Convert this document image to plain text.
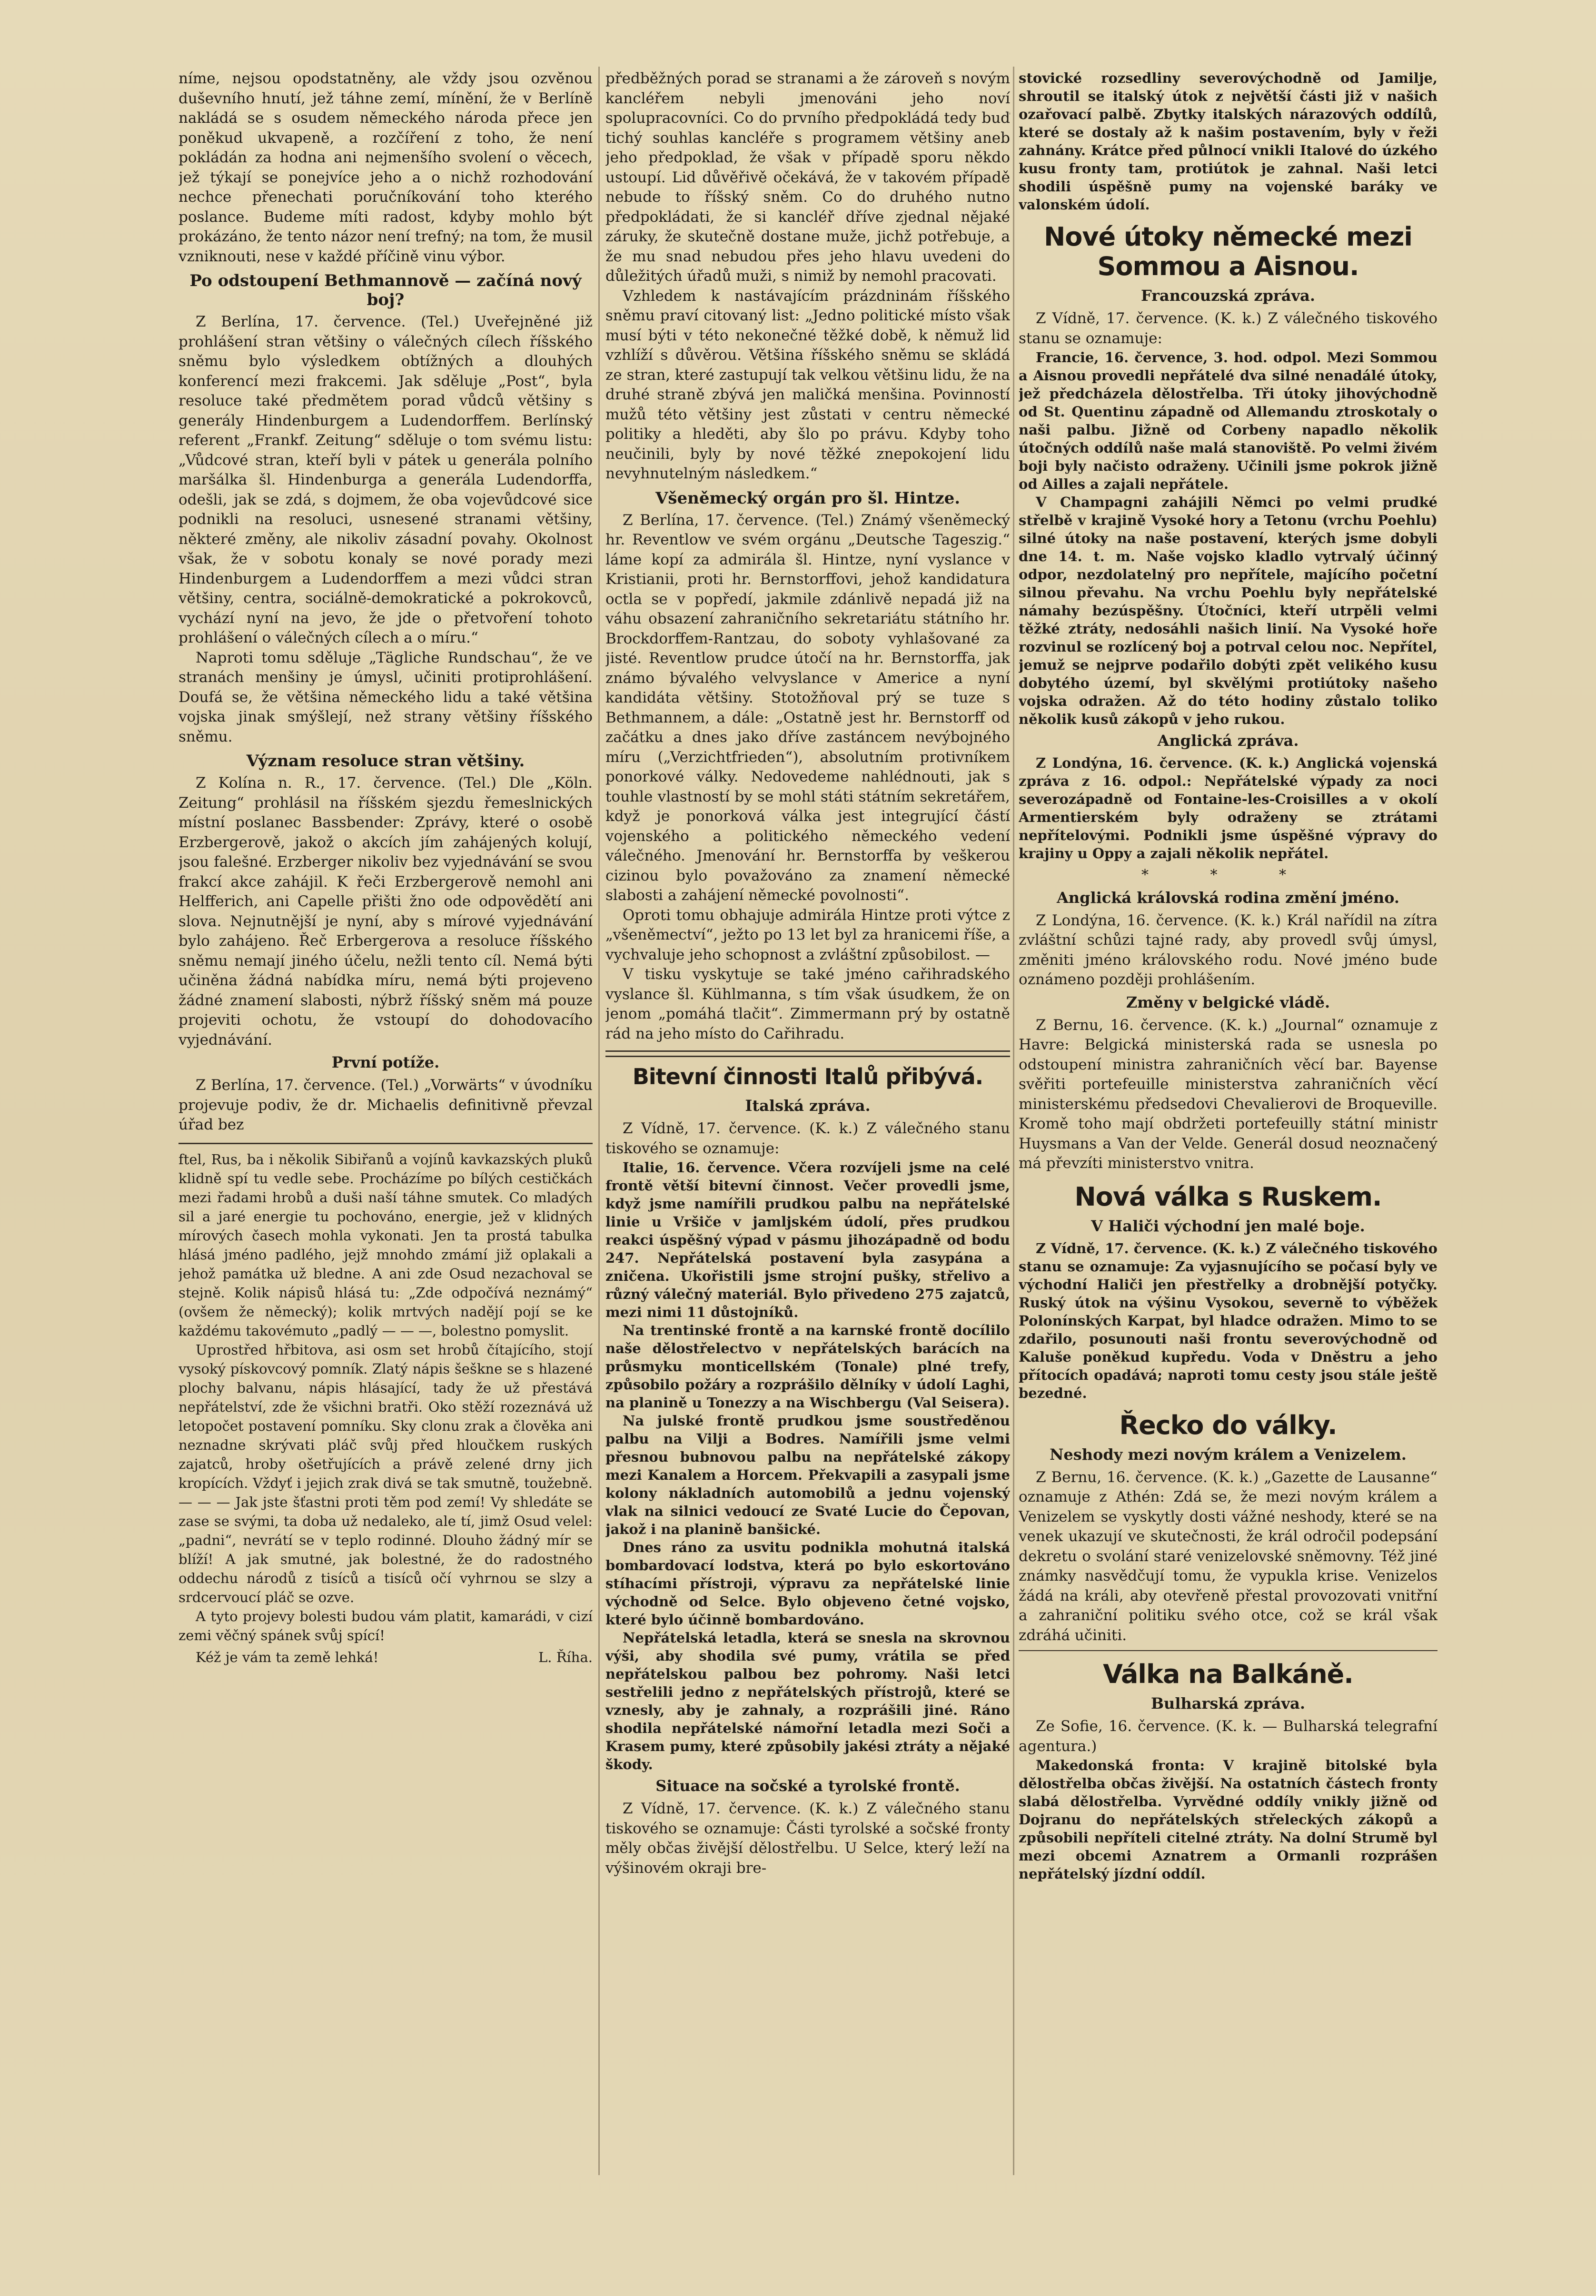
níme, nejsou opodstatněny, ale vždy jsou ozvěnou duševního hnutí, jež táhne zemí, mínění, že v Berlíně nakládá se s osudem německého národa přece jen poněkud ukvapeně, a rozčíření z toho, že není pokládán za hodna ani nejmenšího svolení o věcech, jež týkají se ponejvíce jeho a o nichž rozhodování nechce přenechati poručníkování toho kterého poslance. Budeme míti radost, kdyby mohlo být prokázáno, že tento názor není trefný; na tom, že musil vzniknouti, nese v každé příčině vinu výbor.

Po odstoupení Bethmannově — začíná nový boj?

Z Berlína, 17. července. (Tel.) Uveřejněné již prohlášení stran většiny o válečných cílech říšského sněmu bylo výsledkem obtížných a dlouhých konferencí mezi frakcemi. Jak sděluje „Post“, byla resoluce také předmětem porad vůdců většiny s generály Hindenburgem a Ludendorffem. Berlínský referent „Frankf. Zeitung“ sděluje o tom svému listu: „Vůdcové stran, kteří byli v pátek u generála polního maršálka šl. Hindenburga a generála Ludendorffa, odešli, jak se zdá, s dojmem, že oba vojevůdcové sice podnikli na resoluci, usnesené stranami většiny, některé změny, ale nikoliv zásadní povahy. Okolnost však, že v sobotu konaly se nové porady mezi Hindenburgem a Ludendorffem a mezi vůdci stran většiny, centra, sociálně-demokratické a pokrokovců, vychází nyní na jevo, že jde o přetvoření tohoto prohlášení o válečných cílech a o míru.“

Naproti tomu sděluje „Tägliche Rundschau“, že ve stranách menšiny je úmysl, učiniti protiprohlášení. Doufá se, že většina německého lidu a také většina vojska jinak smýšlejí, než strany většiny říšského sněmu.

Význam resoluce stran většiny.

Z Kolína n. R., 17. července. (Tel.) Dle „Köln. Zeitung“ prohlásil na říšském sjezdu řemeslnických místní poslanec Bassbender: Zprávy, které o osobě Erzbergerově, jakož o akcích jím zahájených kolují, jsou falešné. Erzberger nikoliv bez vyjednávání se svou frakcí akce zahájil. K řeči Erzbergerově nemohl ani Helfferich, ani Capelle přišti žno ode odpovědětí ani slova. Nejnutnější je nyní, aby s mírové vyjednávání bylo zahájeno. Řeč Erbergerova a resoluce říšského sněmu nemají jiného účelu, nežli tento cíl. Nemá býti učiněna žádná nabídka míru, nemá býti projeveno žádné znamení slabosti, nýbrž říšský sněm má pouze projeviti ochotu, že vstoupí do dohodovacího vyjednávání.

První potíže.

Z Berlína, 17. července. (Tel.) „Vorwärts“ v úvodníku projevuje podiv, že dr. Michaelis definitivně převzal úřad bez

ftel, Rus, ba i několik Sibiřanů a vojínů kavkazských pluků klidně spí tu vedle sebe. Procházíme po bílých cestičkách mezi řadami hrobů a duši naší táhne smutek. Co mladých sil a jaré energie tu pochováno, energie, jež v klidných mírových časech mohla vykonati. Jen ta prostá tabulka hlásá jméno padlého, jejž mnohdo zmámí již oplakali a jehož památka už bledne. A ani zde Osud nezachoval se stejně. Kolik nápisů hlásá tu: „Zde odpočívá neznámý“ (ovšem že německý); kolik mrtvých nadějí pojí se ke každému takovémuto „padlý — — —, bolestno pomyslit.

Uprostřed hřbitova, asi osm set hrobů čítajícího, stojí vysoký pískovcový pomník. Zlatý nápis šeškne se s hlazené plochy balvanu, nápis hlásající, tady že už přestává nepřátelství, zde že všichni bratři. Oko stěží rozeznává už letopočet postavení pomníku. Sky clonu zrak a člověka ani neznadne skrývati pláč svůj před hloučkem ruských zajatců, hroby ošetřujících a právě zelené drny jich kropících. Vždyť i jejich zrak divá se tak smutně, toužebně. — — — Jak jste šťastni proti těm pod zemí! Vy shledáte se zase se svými, ta doba už nedaleko, ale tí, jimž Osud velel: „padni“, nevrátí se v teplo rodinné. Dlouho žádný mír se blíží! A jak smutné, jak bolestné, že do radostného oddechu národů z tisíců a tisíců očí vyhrnou se slzy a srdcervoucí pláč se ozve.

A tyto projevy bolesti budou vám platit, kamarádi, v cizí zemi věčný spánek svůj spící!

Kéž je vám ta země lehká!	L. Říha.

předběžných porad se stranami a že zároveň s novým kancléřem nebyli jmenováni jeho noví spolupracovníci. Co do prvního předpokládá tedy buď tichý souhlas kancléře s programem většiny aneb jeho předpoklad, že však v případě sporu někdo ustoupí. Lid důvěřivě očekává, že v takovém případě nebude to říšský sněm. Co do druhého nutno předpokládati, že si kancléř dříve zjednal nějaké záruky, že skutečně dostane muže, jichž potřebuje, a že mu snad nebudou přes jeho hlavu uvedeni do důležitých úřadů muži, s nimiž by nemohl pracovati.

Vzhledem k nastávajícím prázdninám říšského sněmu praví citovaný list: „Jedno politické místo však musí býti v této nekonečné těžké době, k němuž lid vzhlíží s důvěrou. Většina říšského sněmu se skládá ze stran, které zastupují tak velkou většinu lidu, že na druhé straně zbývá jen maličká menšina. Povinností mužů této většiny jest zůstati v centru německé politiky a hleděti, aby šlo po právu. Kdyby toho neučinili, byly by nové těžké znepokojení lidu nevyhnutelným následkem.“

Všeněmecký orgán pro šl. Hintze.

Z Berlína, 17. července. (Tel.) Známý všeněmecký hr. Reventlow ve svém orgánu „Deutsche Tageszig.“ láme kopí za admirála šl. Hintze, nyní vyslance v Kristianii, proti hr. Bernstorffovi, jehož kandidatura octla se v popředí, jakmile zdánlivě nepadá již na váhu obsazení zahraničního sekretariátu státního hr. Brockdorffem-Rantzau, do soboty vyhlašované za jisté. Reventlow prudce útočí na hr. Bernstorffa, jak známo bývalého velvyslance v Americe a nyní kandidáta většiny. Stotožňoval prý se tuze s Bethmannem, a dále: „Ostatně jest hr. Bernstorff od začátku a dnes jako dříve zastáncem nevýbojného míru („Verzichtfrieden“), absolutním protivníkem ponorkové války. Nedovedeme nahlédnouti, jak s touhle vlastností by se mohl státi státním sekretářem, když je ponorková válka jest integrující částí vojenského a politického německého vedení válečného. Jmenování hr. Bernstorffa by veškerou cizinou bylo považováno za znamení německé slabosti a zahájení německé povolnosti“.

Oproti tomu obhajuje admirála Hintze proti výtce z „všeněmectví“, ježto po 13 let byl za hranicemi říše, a vychvaluje jeho schopnost a zvláštní způsobilost. —

V tisku vyskytuje se také jméno cařihradského vyslance šl. Kühlmanna, s tím však úsudkem, že on jenom „pomáhá tlačit“. Zimmermann prý by ostatně rád na jeho místo do Cařihradu.

Bitevní činnosti Italů přibývá.
Italská zpráva.

Z Vídně, 17. července. (K. k.) Z válečného stanu tiskového se oznamuje:

Italie, 16. července. Včera rozvíjeli jsme na celé frontě větší bitevní činnost. Večer provedli jsme, když jsme namířili prudkou palbu na nepřátelské linie u Vršiče v jamljském údolí, přes prudkou reakci úspěšný výpad v pásmu jihozápadně od bodu 247. Nepřátelská postavení byla zasypána a zničena. Ukořistili jsme strojní pušky, střelivo a různý válečný materiál. Bylo přivedeno 275 zajatců, mezi nimi 11 důstojníků.

Na trentinské frontě a na karnské frontě docílilo naše dělostřelectvo v nepřátelských barácích na průsmyku monticellském (Tonale) plné trefy, způsobilo požáry a rozprášilo dělníky v údolí Laghi, na planině u Tonezzy a na Wischbergu (Val Seisera).

Na julské frontě prudkou jsme soustředěnou palbu na Vilji a Bodres. Namířili jsme velmi přesnou bubnovou palbu na nepřátelské zákopy mezi Kanalem a Horcem. Překvapili a zasypali jsme kolony nákladních automobilů a jednu vojenský vlak na silnici vedoucí ze Svaté Lucie do Čepovan, jakož i na planině banšické.

Dnes ráno za usvitu podnikla mohutná italská bombardovací lodstva, která po bylo eskortováno stíhacími přístroji, výpravu za nepřátelské linie východně od Selce. Bylo objeveno četné vojsko, které bylo účinně bombardováno.

Nepřátelská letadla, která se snesla na skrovnou výši, aby shodila své pumy, vrátila se před nepřátelskou palbou bez pohromy. Naši letci sestřelili jedno z nepřátelských přístrojů, které se vznesly, aby je zahnaly, a rozprášili jiné. Ráno shodila nepřátelské námořní letadla mezi Soči a Krasem pumy, které způsobily jakési ztráty a nějaké škody.

Situace na sočské a tyrolské frontě.

Z Vídně, 17. července. (K. k.) Z válečného stanu tiskového se oznamuje: Části tyrolské a sočské fronty měly občas živější dělostřelbu. U Selce, který leží na výšinovém okraji bre-

stovické rozsedliny severovýchodně od Jamilje, shroutil se italský útok z největší části již v našich ozařovací palbě. Zbytky italských nárazových oddílů, které se dostaly až k našim postavením, byly v řeži zahnány. Krátce před půlnocí vnikli Italové do úzkého kusu fronty tam, protiútok je zahnal. Naši letci shodili úspěšně pumy na vojenské baráky ve valonském údolí.

Nové útoky německé mezi Sommou a Aisnou.
Francouzská zpráva.

Z Vídně, 17. července. (K. k.) Z válečného tiskového stanu se oznamuje:

Francie, 16. července, 3. hod. odpol. Mezi Sommou a Aisnou provedli nepřátelé dva silné nenadálé útoky, jež předcházela dělostřelba. Tři útoky jihovýchodně od St. Quentinu západně od Allemandu ztroskotaly o naši palbu. Jižně od Corbeny napadlo několik útočných oddílů naše malá stanoviště. Po velmi živém boji byly načisto odraženy. Učinili jsme pokrok jižně od Ailles a zajali nepřátele.

V Champagni zahájili Němci po velmi prudké střelbě v krajině Vysoké hory a Tetonu (vrchu Poehlu) silné útoky na naše postavení, kterých jsme dobyli dne 14. t. m. Naše vojsko kladlo vytrvalý účinný odpor, nezdolatelný pro nepřítele, majícího početní silnou převahu. Na vrchu Poehlu byly nepřátelské námahy bezúspěšny. Útočníci, kteří utrpěli velmi těžké ztráty, nedosáhli našich linií. Na Vysoké hoře rozvinul se rozlícený boj a potrval celou noc. Nepřítel, jemuž se nejprve podařilo dobýti zpět velikého kusu dobytého území, byl skvělými protiútoky našeho vojska odražen. Až do této hodiny zůstalo toliko několik kusů zákopů v jeho rukou.

Anglická zpráva.

Z Londýna, 16. července. (K. k.) Anglická vojenská zpráva z 16. odpol.: Nepřátelské výpady za noci severozápadně od Fontaine-les-Croisilles a v okolí Armentierském byly odraženy se ztrátami nepřítelovými. Podnikli jsme úspěšné výpravy do krajiny u Oppy a zajali několik nepřátel.

* * *
Anglická královská rodina změní jméno.

Z Londýna, 16. července. (K. k.) Král nařídil na zítra zvláštní schůzi tajné rady, aby provedl svůj úmysl, změniti jméno královského rodu. Nové jméno bude oznámeno později prohlášením.

Změny v belgické vládě.

Z Bernu, 16. července. (K. k.) „Journal“ oznamuje z Havre: Belgická ministerská rada se usnesla po odstoupení ministra zahraničních věcí bar. Bayense svěřiti portefeuille ministerstva zahraničních věcí ministerskému předsedovi Chevalierovi de Broqueville. Kromě toho mají obdržeti portefeuilly státní ministr Huysmans a Van der Velde. Generál dosud neoznačený má převzíti ministerstvo vnitra.

Nová válka s Ruskem.
V Haliči východní jen malé boje.

Z Vídně, 17. července. (K. k.) Z válečného tiskového stanu se oznamuje: Za vyjasnujícího se počasí byly ve východní Haliči jen přestřelky a drobnější potyčky. Ruský útok na výšinu Vysokou, severně to výběžek Polonínských Karpat, byl hladce odražen. Mimo to se zdařilo, posunouti naši frontu severovýchodně od Kaluše poněkud kupředu. Voda v Dněstru a jeho přítocích opadává; naproti tomu cesty jsou stále ještě bezedné.

Řecko do války.
Neshody mezi novým králem a Venizelem.

Z Bernu, 16. července. (K. k.) „Gazette de Lausanne“ oznamuje z Athén: Zdá se, že mezi novým králem a Venizelem se vyskytly dosti vážné neshody, které se na venek ukazují ve skutečnosti, že král odročil podepsání dekretu o svolání staré venizelovské sněmovny. Též jiné známky nasvědčují tomu, že vypukla krise. Venizelos žádá na králi, aby otevřeně přestal provozovati vnitřní a zahraniční politiku svého otce, což se král však zdráhá učiniti.

Válka na Balkáně.
Bulharská zpráva.

Ze Sofie, 16. července. (K. k. — Bulharská telegrafní agentura.)

Makedonská fronta: V krajině bitolské byla dělostřelba občas živější. Na ostatních částech fronty slabá dělostřelba. Vyrvědné oddíly vnikly jižně od Dojranu do nepřátelských střeleckých zákopů a způsobili nepříteli citelné ztráty. Na dolní Strumě byl mezi obcemi Aznatrem a Ormanli rozprášen nepřátelský jízdní oddíl.
